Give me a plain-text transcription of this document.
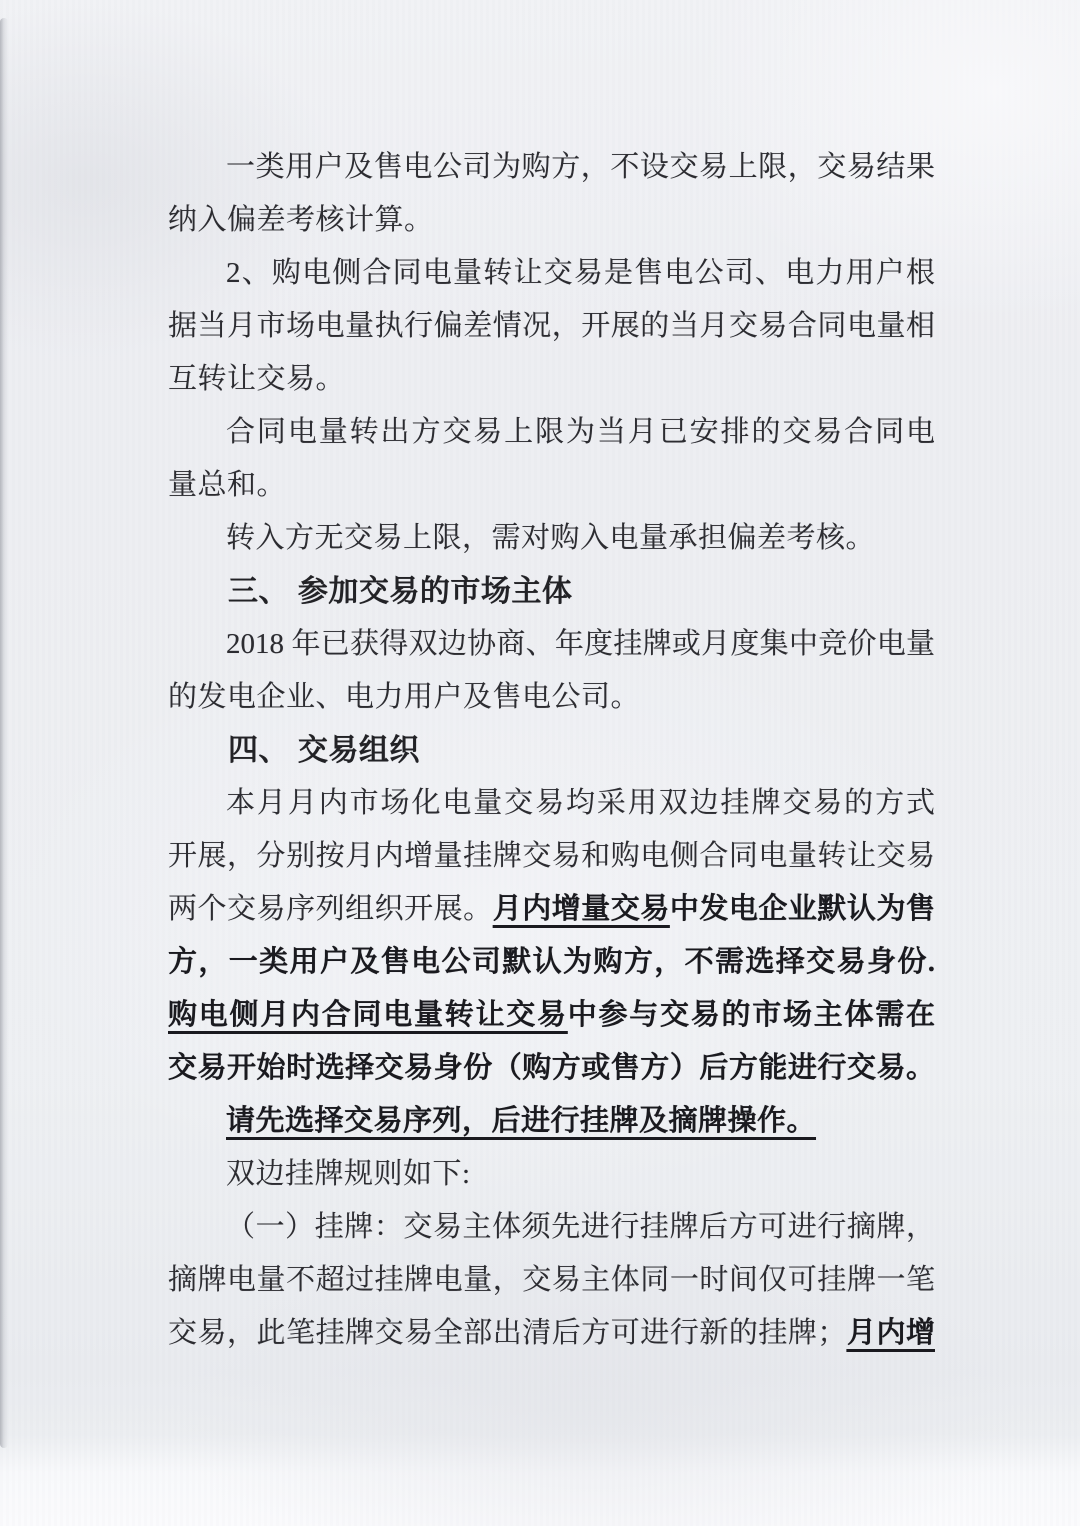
一类用户及售电公司为购方，不设交易上限，交易结果
纳入偏差考核计算。
2、购电侧合同电量转让交易是售电公司、电力用户根
据当月市场电量执行偏差情况，开展的当月交易合同电量相
互转让交易。
合同电量转出方交易上限为当月已安排的交易合同电
量总和。
转入方无交易上限，需对购入电量承担偏差考核。
三、 参加交易的市场主体
2018 年已获得双边协商、年度挂牌或月度集中竞价电量
的发电企业、电力用户及售电公司。
四、 交易组织
本月月内市场化电量交易均采用双边挂牌交易的方式
开展，分别按月内增量挂牌交易和购电侧合同电量转让交易
两个交易序列组织开展。月内增量交易中发电企业默认为售
方，一类用户及售电公司默认为购方，不需选择交易身份.
购电侧月内合同电量转让交易中参与交易的市场主体需在
交易开始时选择交易身份（购方或售方）后方能进行交易。
请先选择交易序列，后进行挂牌及摘牌操作。
双边挂牌规则如下:
（一）挂牌：交易主体须先进行挂牌后方可进行摘牌，
摘牌电量不超过挂牌电量，交易主体同一时间仅可挂牌一笔
交易，此笔挂牌交易全部出清后方可进行新的挂牌；月内增
